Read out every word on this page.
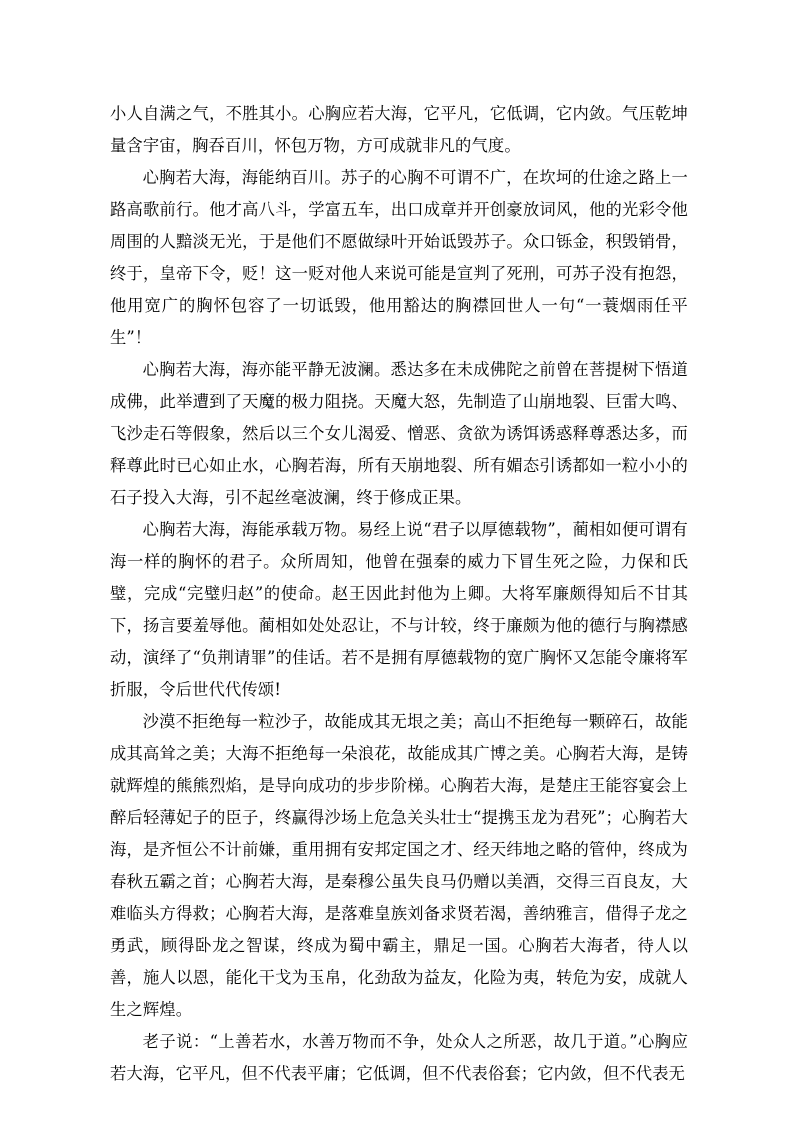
小人自满之气，不胜其小。心胸应若大海，它平凡，它低调，它内敛。气压乾坤量含宇宙，胸吞百川，怀包万物，方可成就非凡的气度。

心胸若大海，海能纳百川。苏子的心胸不可谓不广，在坎坷的仕途之路上一路高歌前行。他才高八斗，学富五车，出口成章并开创豪放词风，他的光彩令他周围的人黯淡无光，于是他们不愿做绿叶开始诋毁苏子。众口铄金，积毁销骨，终于，皇帝下令，贬！这一贬对他人来说可能是宣判了死刑，可苏子没有抱怨，他用宽广的胸怀包容了一切诋毁，他用豁达的胸襟回世人一句“一蓑烟雨任平生”！

心胸若大海，海亦能平静无波澜。悉达多在未成佛陀之前曾在菩提树下悟道成佛，此举遭到了天魔的极力阻挠。天魔大怒，先制造了山崩地裂、巨雷大鸣、飞沙走石等假象，然后以三个女儿渴爱、憎恶、贪欲为诱饵诱惑释尊悉达多，而释尊此时已心如止水，心胸若海，所有天崩地裂、所有媚态引诱都如一粒小小的石子投入大海，引不起丝毫波澜，终于修成正果。

心胸若大海，海能承载万物。易经上说“君子以厚德载物”，蔺相如便可谓有海一样的胸怀的君子。众所周知，他曾在强秦的威力下冒生死之险，力保和氏璧，完成“完璧归赵”的使命。赵王因此封他为上卿。大将军廉颇得知后不甘其下，扬言要羞辱他。蔺相如处处忍让，不与计较，终于廉颇为他的德行与胸襟感动，演绎了“负荆请罪”的佳话。若不是拥有厚德载物的宽广胸怀又怎能令廉将军折服，令后世代代传颂!

沙漠不拒绝每一粒沙子，故能成其无垠之美；高山不拒绝每一颗碎石，故能成其高耸之美；大海不拒绝每一朵浪花，故能成其广博之美。心胸若大海，是铸就辉煌的熊熊烈焰，是导向成功的步步阶梯。心胸若大海，是楚庄王能容宴会上醉后轻薄妃子的臣子，终赢得沙场上危急关头壮士“提携玉龙为君死”；心胸若大海，是齐恒公不计前嫌，重用拥有安邦定国之才、经天纬地之略的管仲，终成为春秋五霸之首；心胸若大海，是秦穆公虽失良马仍赠以美酒，交得三百良友，大难临头方得救；心胸若大海，是落难皇族刘备求贤若渴，善纳雅言，借得子龙之勇武，顾得卧龙之智谋，终成为蜀中霸主，鼎足一国。心胸若大海者，待人以善，施人以恩，能化干戈为玉帛，化劲敌为益友，化险为夷，转危为安，成就人生之辉煌。

老子说：“上善若水，水善万物而不争，处众人之所恶，故几于道。”心胸应若大海，它平凡，但不代表平庸；它低调，但不代表俗套；它内敛，但不代表无
